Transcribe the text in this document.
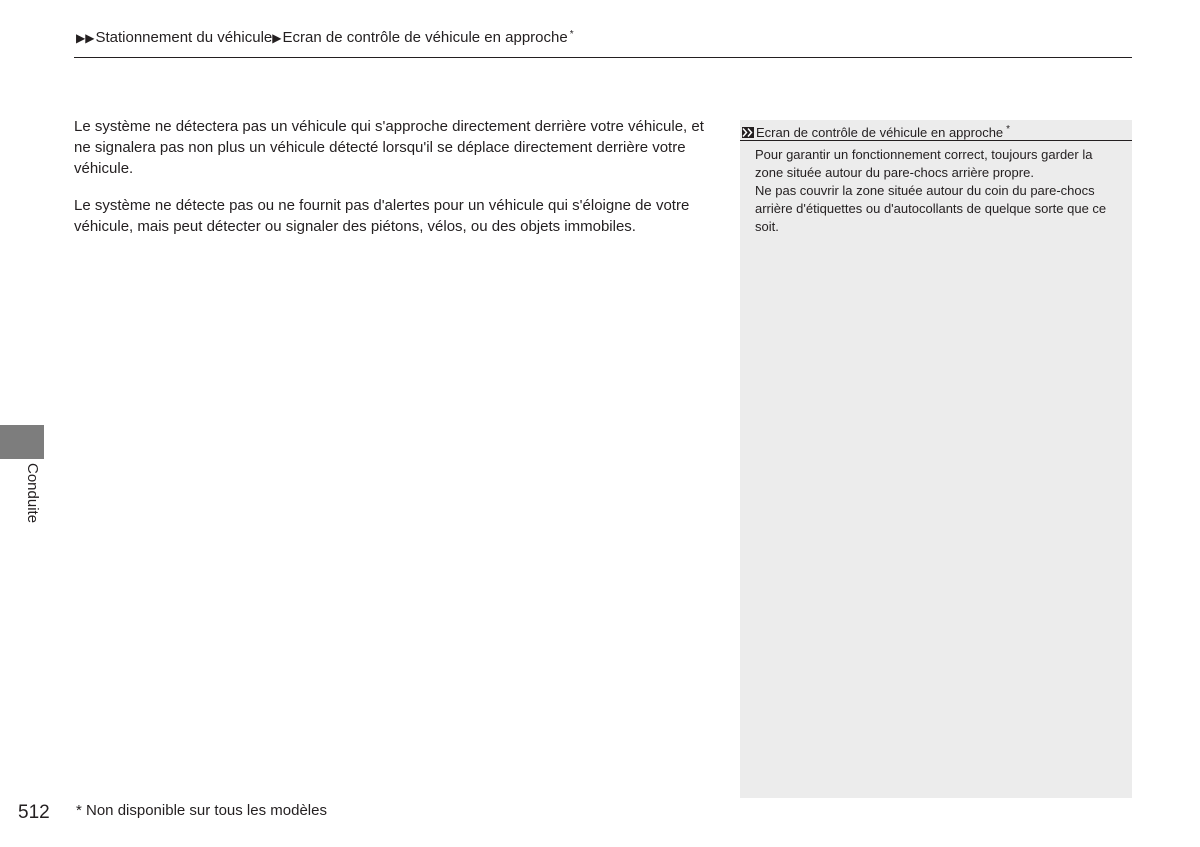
▶▶Stationnement du véhicule▶Ecran de contrôle de véhicule en approche *

Le système ne détectera pas un véhicule qui s'approche directement derrière votre véhicule, et ne signalera pas non plus un véhicule détecté lorsqu'il se déplace directement derrière votre véhicule.

Le système ne détecte pas ou ne fournit pas d'alertes pour un véhicule qui s'éloigne de votre véhicule, mais peut détecter ou signaler des piétons, vélos, ou des objets immobiles.

Ecran de contrôle de véhicule en approche *

Pour garantir un fonctionnement correct, toujours garder la zone située autour du pare-chocs arrière propre.

Ne pas couvrir la zone située autour du coin du pare-chocs arrière d'étiquettes ou d'autocollants de quelque sorte que ce soit.

Conduite
512 * Non disponible sur tous les modèles
